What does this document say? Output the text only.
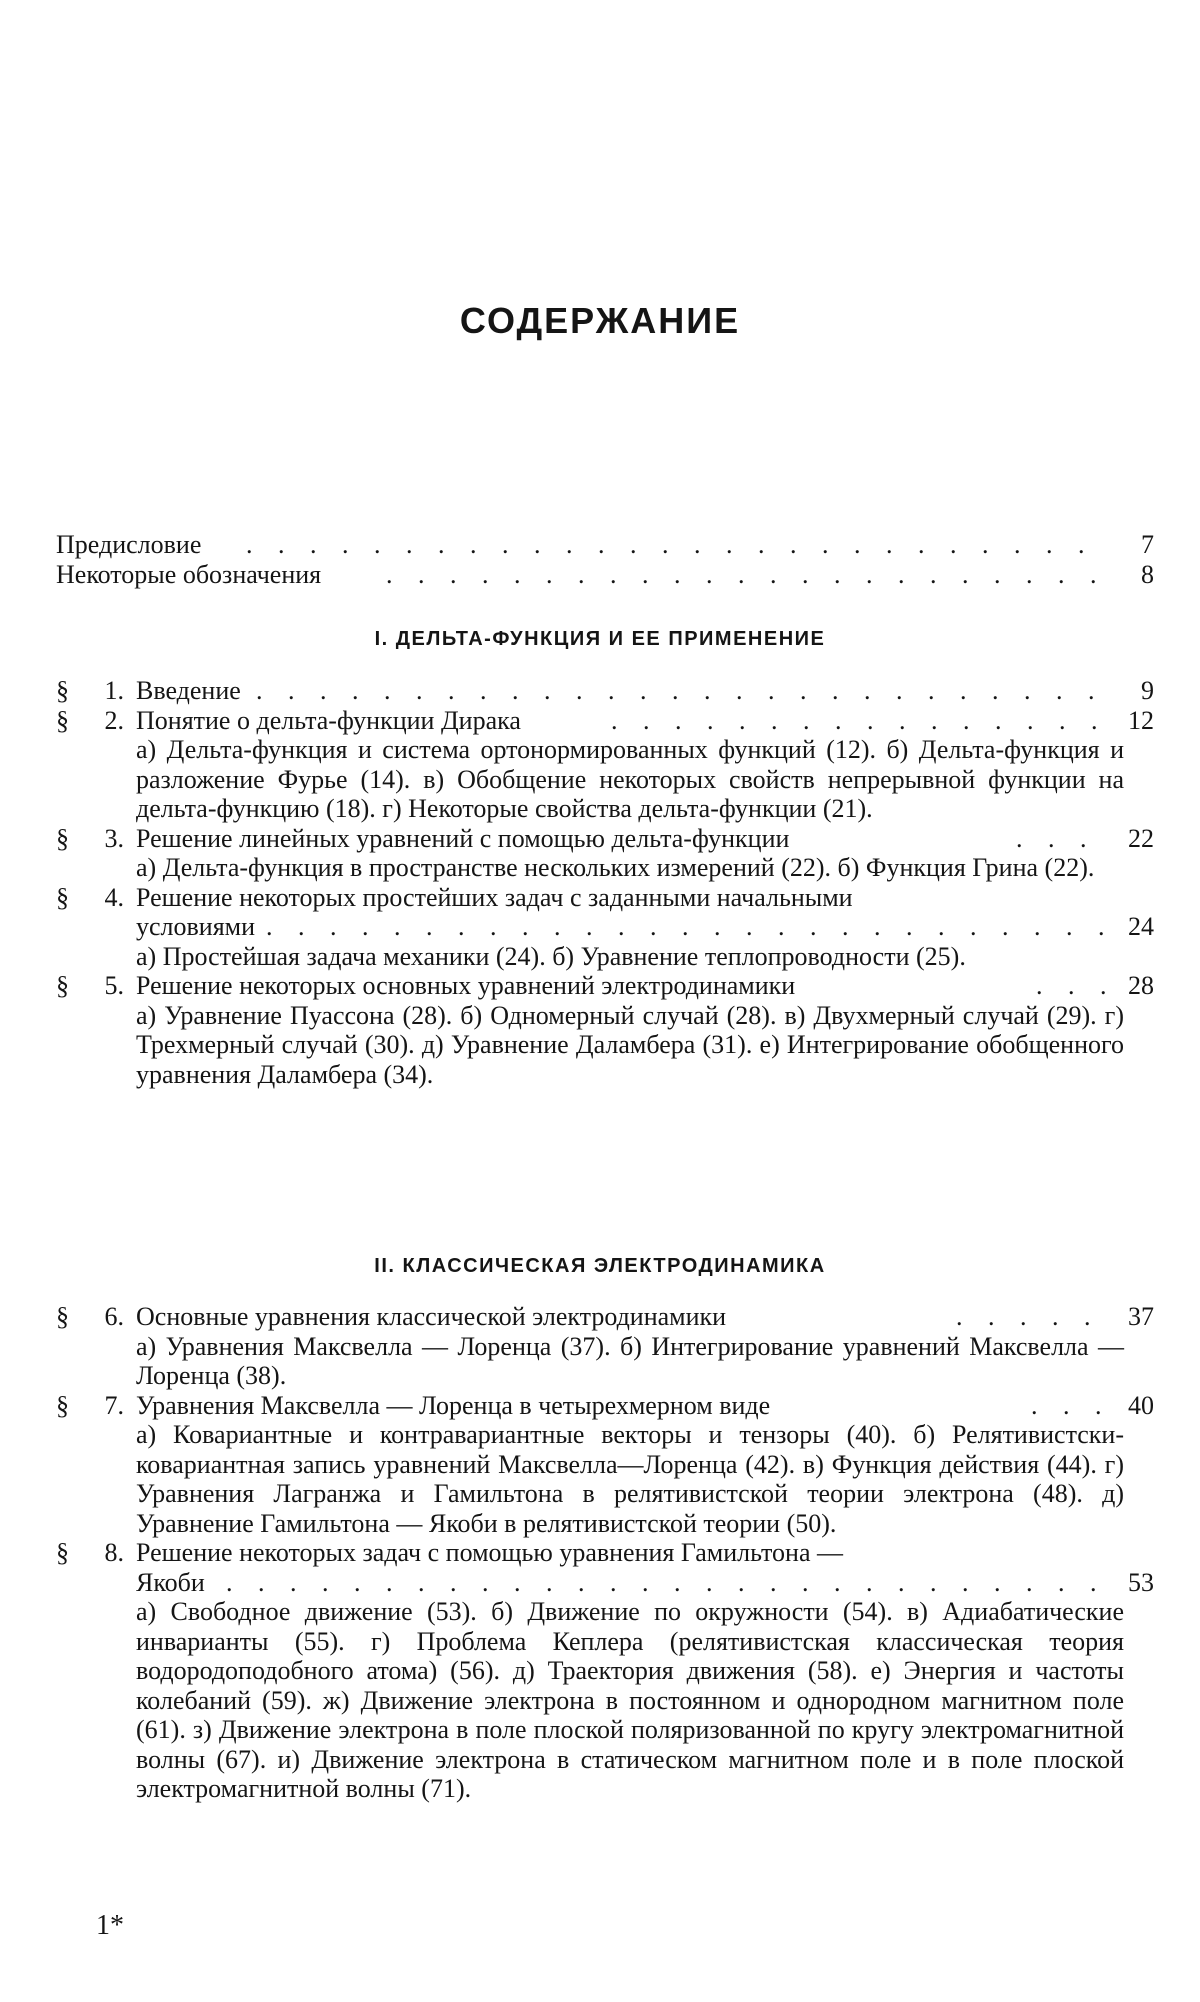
СОДЕРЖАНИЕ
Предисловие . . . . . . . . . . . . . . . . . . . . . . . . . . .	7
Некоторые обозначения . . . . . . . . . . . . . . . . . . . . . . .	8
I. ДЕЛЬТА-ФУНКЦИЯ И ЕЕ ПРИМЕНЕНИЕ
§	1. Введение . . . . . . . . . . . . . . . . . . . . . . . . . . .	9
§	2. Понятие о дельта-функции Дирака	. . . . . . . . . . . . . . . . 12
а) Дельта-функция и система ортонормированных функций (12). б) Дельта-функция и разложение Фурье (14). в) Обобщение некоторых свойств непрерывной функции на дельта-функцию (18). г) Некоторые свойства дельта-функции (21).
§	3. Решение линейных уравнений с помощью дельта-функции	. . .	22
а) Дельта-функция в пространстве нескольких измерений (22). б) Функция Грина (22).
§	4. Решение некоторых простейших задач с заданными начальными
условиями . . . . . . . . . . . . . . . . . . . . . . . . . .	24
а) Простейшая задача механики (24). б) Уравнение теплопроводности (25).
§	5. Решение некоторых основных уравнений электродинамики	. .	28
а) Уравнение Пуассона (28). б) Одномерный случай (28). в) Двухмерный случай (29). г) Трехмерный случай (30). д) Уравнение Даламбера (31). е) Интегрирование обобщенного уравнения Даламбера (34).
II. КЛАССИЧЕСКАЯ ЭЛЕКТРОДИНАМИКА
§	6. Основные уравнения классической электродинамики	. . . . .	37
а) Уравнения Максвелла — Лоренца (37). б) Интегрирование уравнений Максвелла — Лоренца (38).
§	7. Уравнения Максвелла — Лоренца в четырехмерном виде	. .	40
а) Ковариантные и контравариантные векторы и тензоры (40). б) Релятивистски-ковариантная запись уравнений Максвелла—Лоренца (42). в) Функция действия (44). г) Уравнения Лагранжа и Гамильтона в релятивистской теории электрона (48). д) Уравнение Гамильтона — Якоби в релятивистской теории (50).
§	8. Решение некоторых задач с помощью уравнения Гамильтона —
Якоби . . . . . . . . . . . . . . . . . . . . . . . . . . . . 53
а) Свободное движение (53). б) Движение по окружности (54). в) Адиабатические инварианты (55). г) Проблема Кеплера (релятивистская классическая теория водородоподобного атома) (56). д) Траектория движения (58). е) Энергия и частоты колебаний (59). ж) Движение электрона в постоянном и однородном магнитном поле (61). з) Движение электрона в поле плоской поляризованной по кругу электромагнитной волны (67). и) Движение электрона в статическом магнитном поле и в поле плоской электромагнитной волны (71).
1*
